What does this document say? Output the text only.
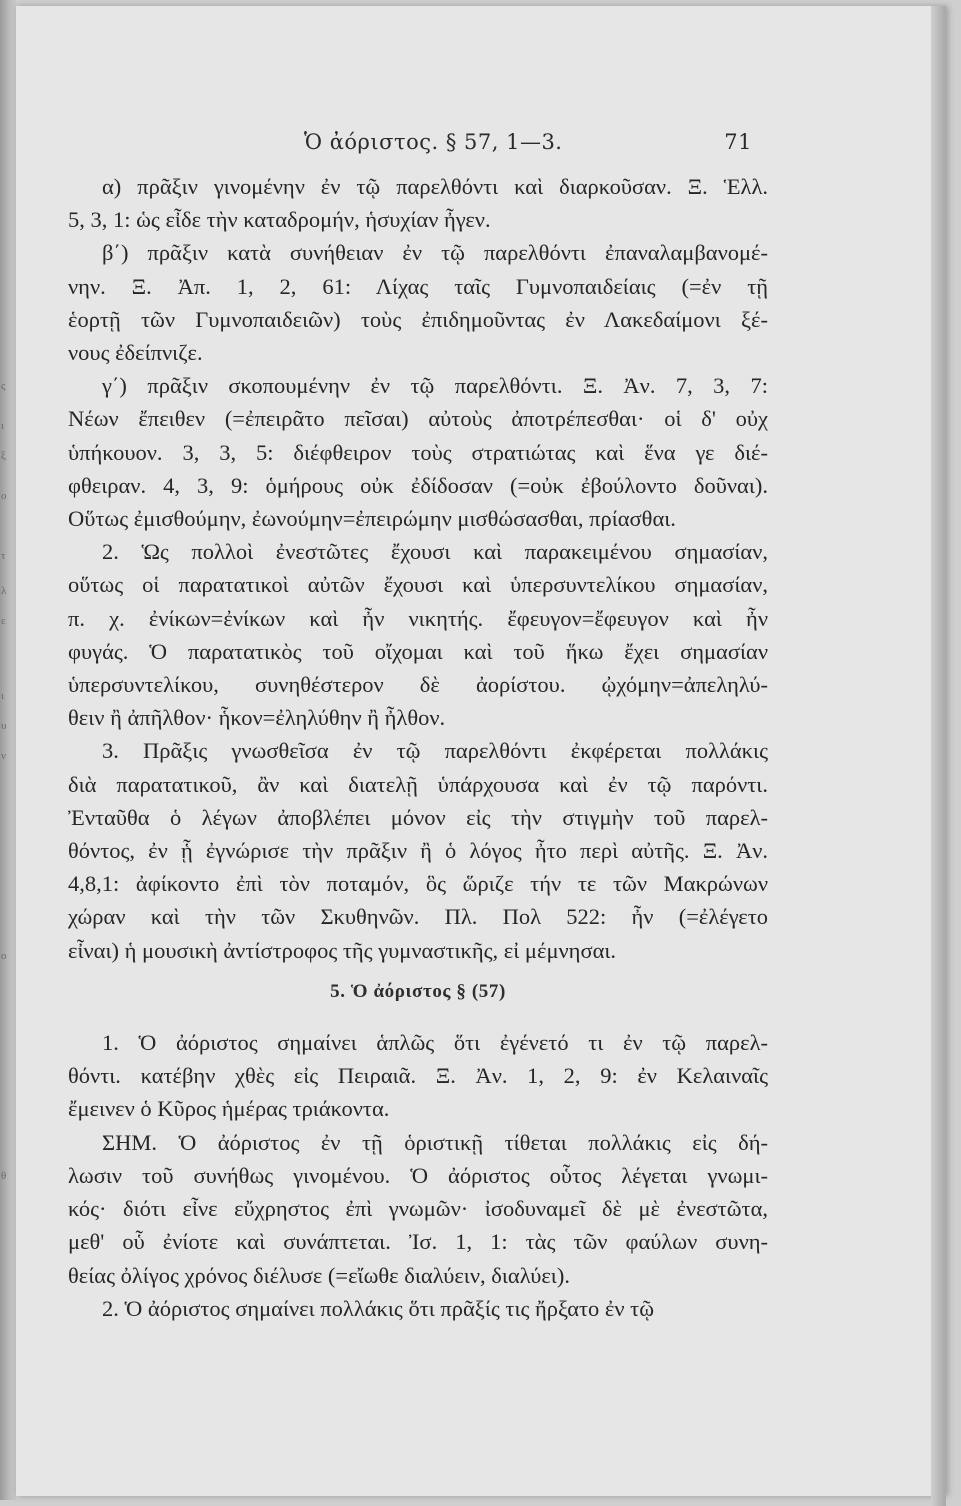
ς
ι
ξ
ο
τ
λ
ε
ι
υ
ν
ο
θ
Ὁ ἀόριστος. § 57, 1—3.	71

α) πρᾶξιν γινομένην ἐν τῷ παρελθόντι καὶ διαρκοῦσαν. Ξ. Ἑλλ.
5, 3, 1: ὡς εἶδε τὴν καταδρομήν, ἡσυχίαν ἦγεν.

β΄) πρᾶξιν κατὰ συνήθειαν ἐν τῷ παρελθόντι ἐπαναλαμβανομέ-
νην. Ξ. Ἀπ. 1, 2, 61: Λίχας ταῖς Γυμνοπαιδείαις (=ἐν τῇ
ἑορτῇ τῶν Γυμνοπαιδειῶν) τοὺς ἐπιδημοῦντας ἐν Λακεδαίμονι ξέ-
νους ἐδείπνιζε.

γ΄) πρᾶξιν σκοπουμένην ἐν τῷ παρελθόντι. Ξ. Ἀν. 7, 3, 7:
Νέων ἔπειθεν (=ἐπειρᾶτο πεῖσαι) αὐτοὺς ἀποτρέπεσθαι· οἱ δ' οὐχ
ὑπήκουον. 3, 3, 5: διέφθειρον τοὺς στρατιώτας καὶ ἕνα γε διέ-
φθειραν. 4, 3, 9: ὁμήρους οὐκ ἐδίδοσαν (=οὐκ ἐβούλοντο δοῦναι).
Οὕτως ἐμισθούμην, ἐωνούμην=ἐπειρώμην μισθώσασθαι, πρίασθαι.

2. Ὡς πολλοὶ ἐνεστῶτες ἔχουσι καὶ παρακειμένου σημασίαν,
οὕτως οἱ παρατατικοὶ αὐτῶν ἔχουσι καὶ ὑπερσυντελίκου σημασίαν,
π. χ. ἐνίκων=ἐνίκων καὶ ἦν νικητής. ἔφευγον=ἔφευγον καὶ ἦν
φυγάς. Ὁ παρατατικὸς τοῦ οἴχομαι καὶ τοῦ ἥκω ἔχει σημασίαν
ὑπερσυντελίκου, συνηθέστερον δὲ ἀορίστου. ᾠχόμην=ἀπεληλύ-
θειν ἢ ἀπῆλθον· ἧκον=ἐληλύθην ἢ ἦλθον.

3. Πρᾶξις γνωσθεῖσα ἐν τῷ παρελθόντι ἐκφέρεται πολλάκις
διὰ παρατατικοῦ, ἂν καὶ διατελῇ ὑπάρχουσα καὶ ἐν τῷ παρόντι.
Ἐνταῦθα ὁ λέγων ἀποβλέπει μόνον εἰς τὴν στιγμὴν τοῦ παρελ-
θόντος, ἐν ᾗ ἐγνώρισε τὴν πρᾶξιν ἢ ὁ λόγος ἦτο περὶ αὐτῆς. Ξ. Ἀν.
4,8,1: ἀφίκοντο ἐπὶ τὸν ποταμόν, ὃς ὥριζε τήν τε τῶν Μακρώνων
χώραν καὶ τὴν τῶν Σκυθηνῶν. Πλ. Πολ 522: ἦν (=ἐλέγετο
εἶναι) ἡ μουσικὴ ἀντίστροφος τῆς γυμναστικῆς, εἰ μέμνησαι.

5. Ὁ ἀόριστος § (57)

1. Ὁ ἀόριστος σημαίνει ἁπλῶς ὅτι ἐγένετό τι ἐν τῷ παρελ-
θόντι. κατέβην χθὲς εἰς Πειραιᾶ. Ξ. Ἀν. 1, 2, 9: ἐν Κελαιναῖς
ἔμεινεν ὁ Κῦρος ἡμέρας τριάκοντα.

ΣΗΜ. Ὁ ἀόριστος ἐν τῇ ὁριστικῇ τίθεται πολλάκις εἰς δή-
λωσιν τοῦ συνήθως γινομένου. Ὁ ἀόριστος οὗτος λέγεται γνωμι-
κός· διότι εἶνε εὔχρηστος ἐπὶ γνωμῶν· ἰσοδυναμεῖ δὲ μὲ ἐνεστῶτα,
μεθ' οὗ ἐνίοτε καὶ συνάπτεται. Ἰσ. 1, 1: τὰς τῶν φαύλων συνη-
θείας ὀλίγος χρόνος διέλυσε (=εἴωθε διαλύειν, διαλύει).

2. Ὁ ἀόριστος σημαίνει πολλάκις ὅτι πρᾶξίς τις ἤρξατο ἐν τῷ
